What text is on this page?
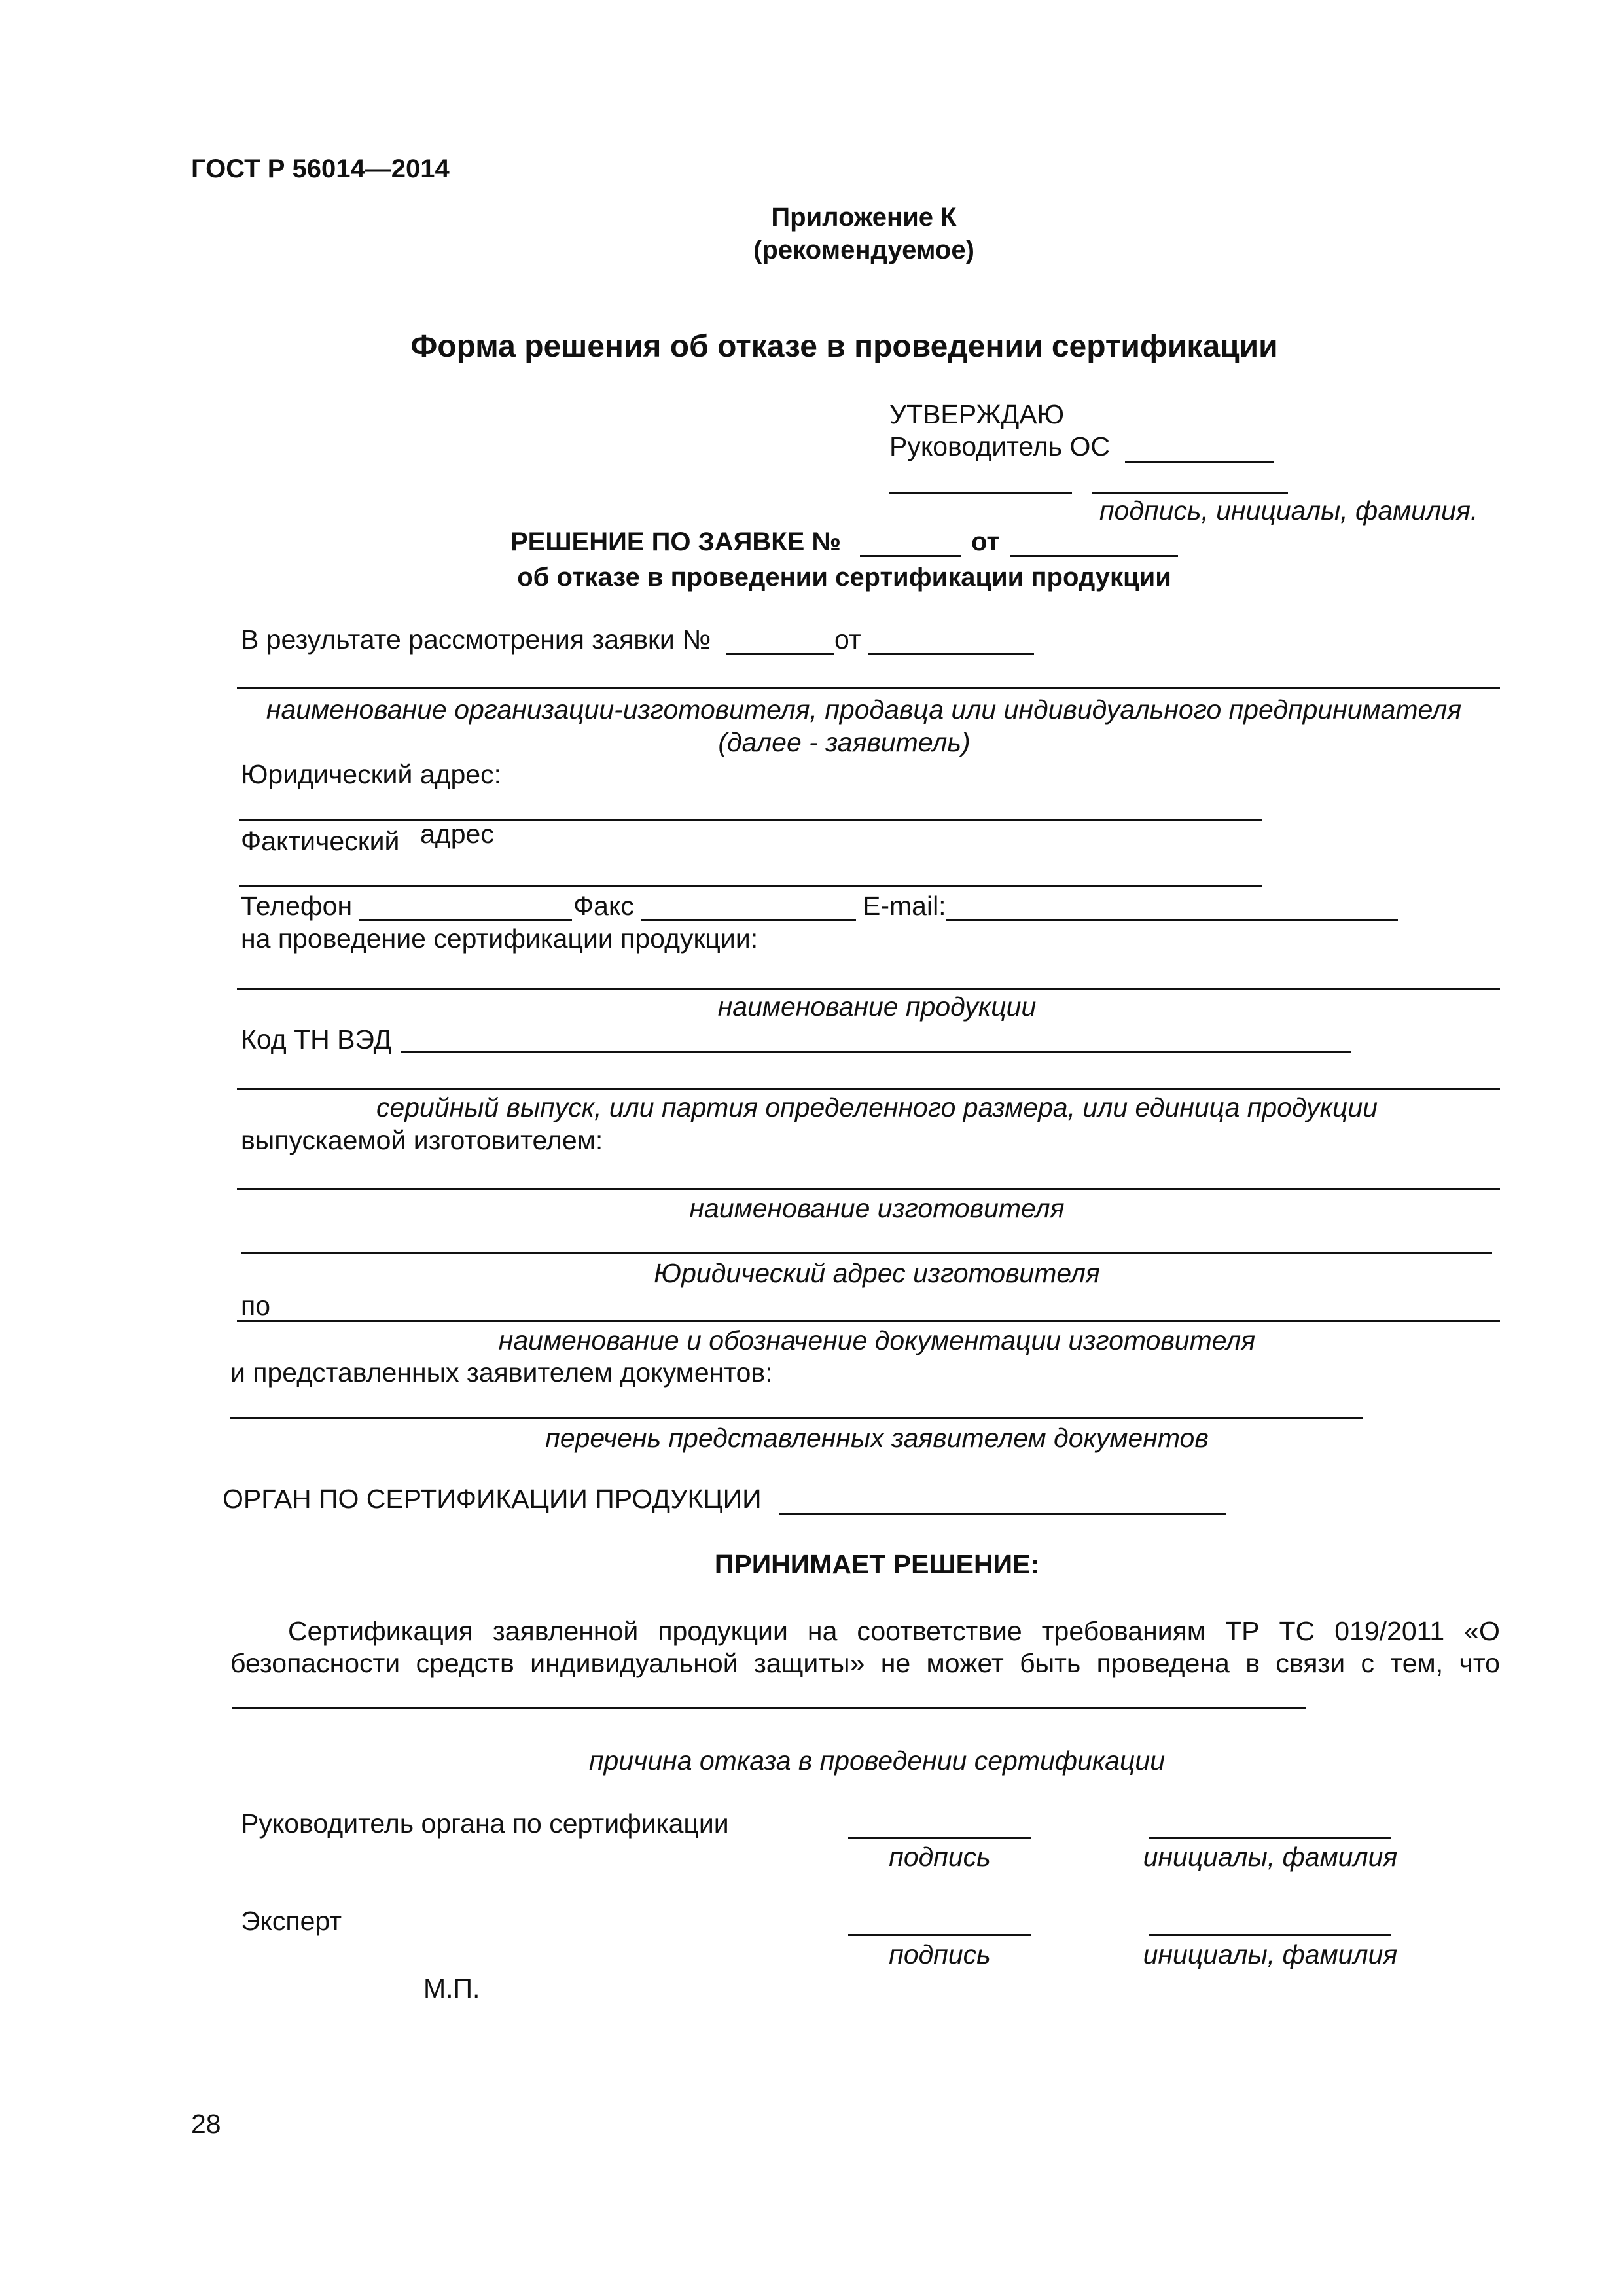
ГОСТ Р 56014—2014
Приложение К
(рекомендуемое)
Форма решения об отказе в проведении сертификации
УТВЕРЖДАЮ
Руководитель ОС
подпись, инициалы, фамилия.
РЕШЕНИЕ ПО ЗАЯВКЕ №	от
об отказе в проведении сертификации продукции
В результате рассмотрения заявки №	от
наименование организации-изготовителя, продавца или индивидуального предпринимателя
(далее - заявитель)
Юридический адрес:
Фактический адрес
Телефон	Факс	E-mail:
на проведение сертификации продукции:
наименование продукции
Код ТН ВЭД
серийный выпуск, или партия определенного размера, или единица продукции
выпускаемой изготовителем:
наименование изготовителя
Юридический адрес изготовителя
по
наименование и обозначение документации изготовителя
и представленных заявителем документов:
перечень представленных заявителем документов
ОРГАН ПО СЕРТИФИКАЦИИ ПРОДУКЦИИ
ПРИНИМАЕТ РЕШЕНИЕ:
Сертификация заявленной продукции на соответствие требованиям ТР ТС 019/2011 «О
безопасности средств индивидуальной защиты» не может быть проведена в связи с тем, что
причина отказа в проведении сертификации
Руководитель органа по сертификации
подпись	инициалы, фамилия
Эксперт
подпись	инициалы, фамилия
М.П.
28
